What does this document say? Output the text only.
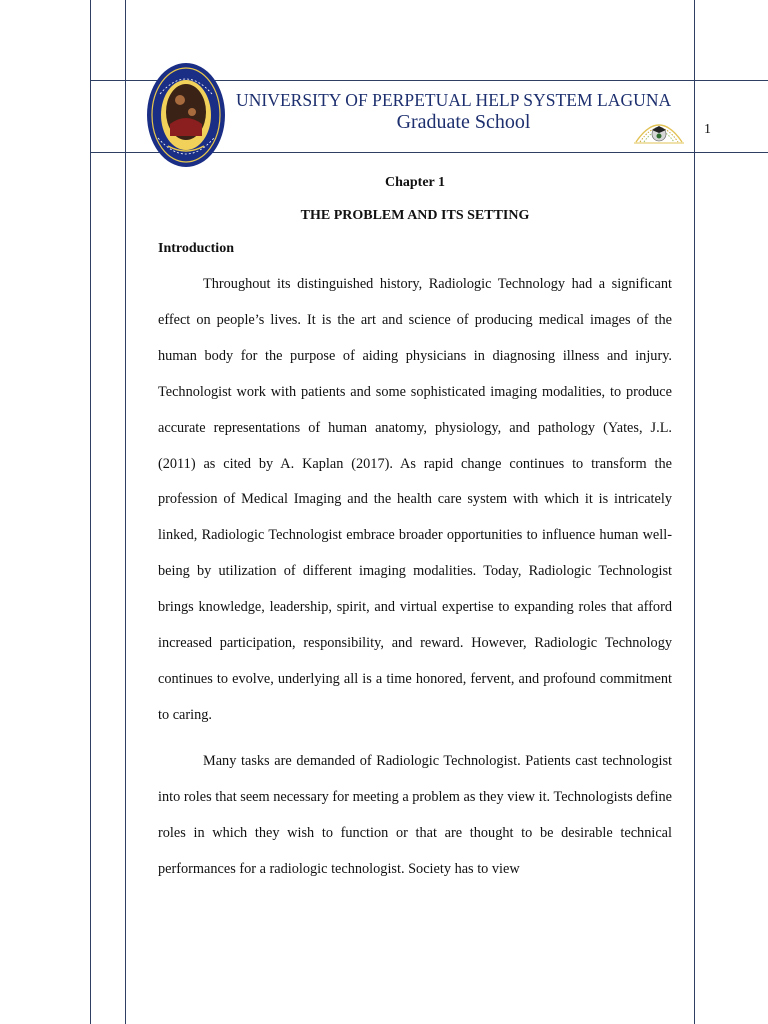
UNIVERSITY OF PERPETUAL HELP SYSTEM LAGUNA
Graduate School	1
Chapter 1
THE PROBLEM AND ITS SETTING
Introduction

Throughout its distinguished history, Radiologic Technology had a significant effect on people’s lives. It is the art and science of producing medical images of the human body for the purpose of aiding physicians in diagnosing illness and injury. Technologist work with patients and some sophisticated imaging modalities, to produce accurate representations of human anatomy, physiology, and pathology (Yates, J.L. (2011) as cited by A. Kaplan (2017). As rapid change continues to transform the profession of Medical Imaging and the health care system with which it is intricately linked, Radiologic Technologist embrace broader opportunities to influence human well-being by utilization of different imaging modalities. Today, Radiologic Technologist brings knowledge, leadership, spirit, and virtual expertise to expanding roles that afford increased participation, responsibility, and reward. However, Radiologic Technology continues to evolve, underlying all is a time honored, fervent, and profound commitment to caring.

Many tasks are demanded of Radiologic Technologist. Patients cast technologist into roles that seem necessary for meeting a problem as they view it. Technologists define roles in which they wish to function or that are thought to be desirable technical performances for a radiologic technologist. Society has to view
